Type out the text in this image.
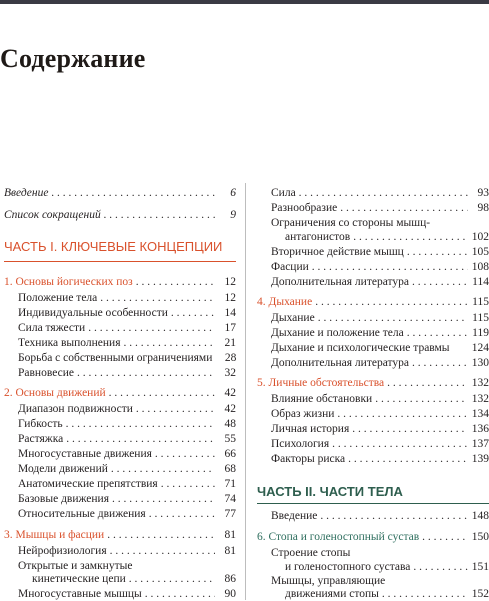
Содержание
Введение . . .	6
Список сокращений . . .	9
ЧАСТЬ I. КЛЮЧЕВЫЕ КОНЦЕПЦИИ
1. Основы йогических поз . . .	12
Положение тела . . .	12
Индивидуальные особенности . . .	14
Сила тяжести . . .	17
Техника выполнения . . .	21
Борьба с собственными ограничениями	28
Равновесие . . .	32
2. Основы движений . . .	42
Диапазон подвижности . . .	42
Гибкость . . .	48
Растяжка . . .	55
Многосуставные движения . . .	66
Модели движений . . .	68
Анатомические препятствия . . .	71
Базовые движения . . .	74
Относительные движения . . .	77
3. Мышцы и фасции . . .	81
Нейрофизиология . . .	81
Открытые и замкнутые
кинетические цепи . . .	86
Многосуставные мышцы . . .	90
Сила . . .	93
Разнообразие . . .	98
Ограничения со стороны мышц-
антагонистов . . .	102
Вторичное действие мышц . . .	105
Фасции . . .	108
Дополнительная литература . . .	114
4. Дыхание . . .	115
Дыхание . . .	115
Дыхание и положение тела . . .	119
Дыхание и психологические травмы 124
Дополнительная литература . . .	130
5. Личные обстоятельства . . .	132
Влияние обстановки . . .	132
Образ жизни . . .	134
Личная история . . .	136
Психология . . .	137
Факторы риска . . .	139
ЧАСТЬ II. ЧАСТИ ТЕЛА
Введение . . .	148
6. Стопа и голеностопный сустав . . .	150
Строение стопы
и голеностопного сустава . . .	151
Мышцы, управляющие
движениями стопы . . .	152
